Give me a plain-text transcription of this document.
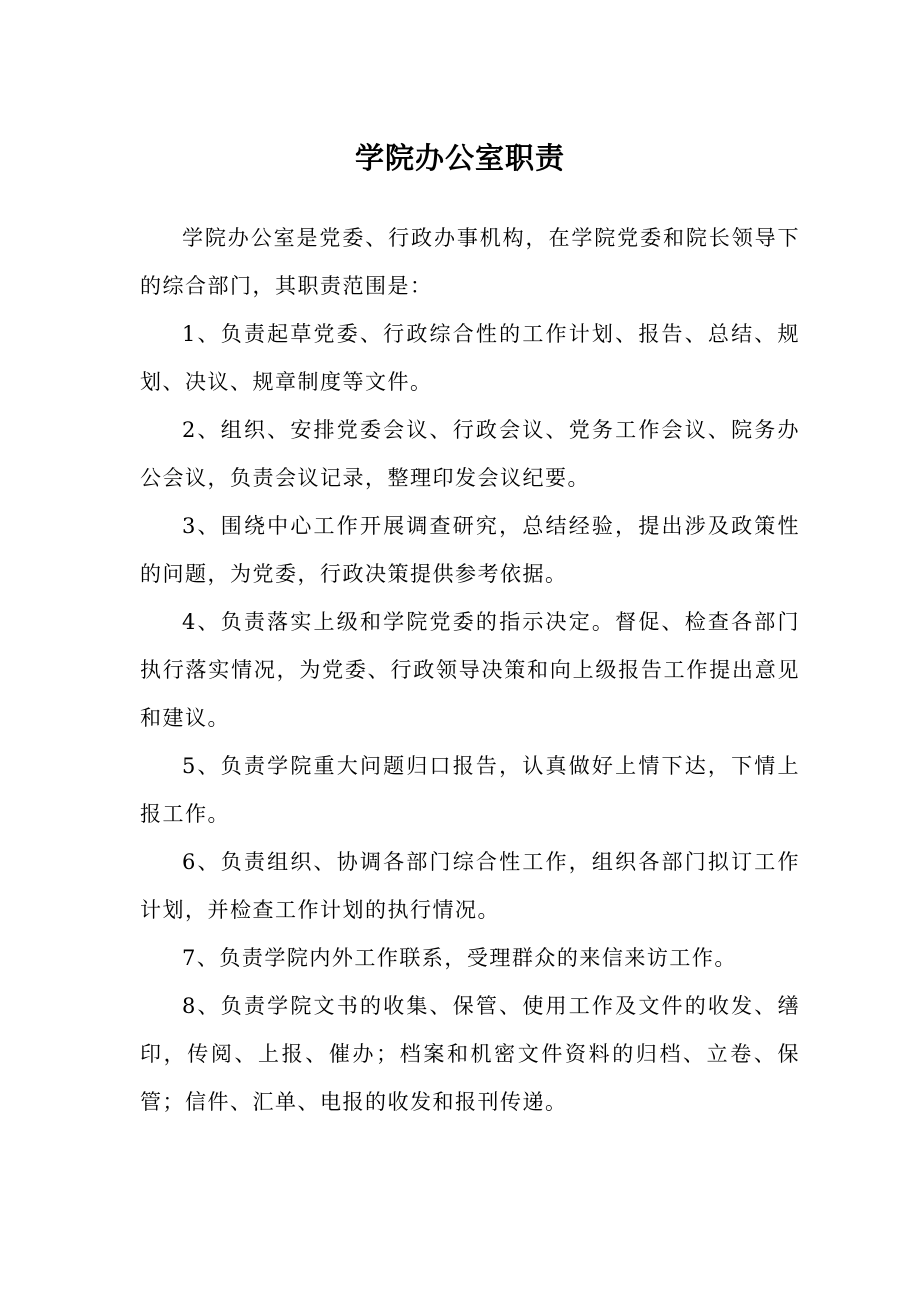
学院办公室职责

学院办公室是党委、行政办事机构，在学院党委和院长领导下的综合部门，其职责范围是：

1、负责起草党委、行政综合性的工作计划、报告、总结、规划、决议、规章制度等文件。

2、组织、安排党委会议、行政会议、党务工作会议、院务办公会议，负责会议记录，整理印发会议纪要。

3、围绕中心工作开展调查研究，总结经验，提出涉及政策性的问题，为党委，行政决策提供参考依据。

4、负责落实上级和学院党委的指示决定。督促、检查各部门执行落实情况，为党委、行政领导决策和向上级报告工作提出意见和建议。

5、负责学院重大问题归口报告，认真做好上情下达，下情上报工作。

6、负责组织、协调各部门综合性工作，组织各部门拟订工作计划，并检查工作计划的执行情况。

7、负责学院内外工作联系，受理群众的来信来访工作。

8、负责学院文书的收集、保管、使用工作及文件的收发、缮印，传阅、上报、催办；档案和机密文件资料的归档、立卷、保管；信件、汇单、电报的收发和报刊传递。
